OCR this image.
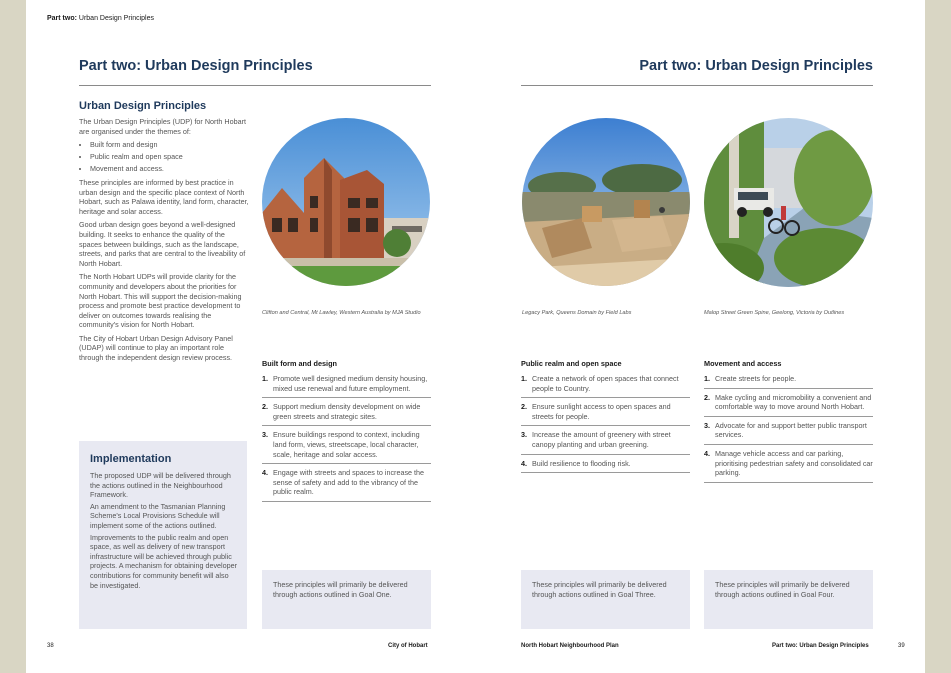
Part two: Urban Design Principles
Part two: Urban Design Principles
Urban Design Principles

The Urban Design Principles (UDP) for North Hobart are organised under the themes of:

• Built form and design
• Public realm and open space
• Movement and access.

These principles are informed by best practice in urban design and the specific place context of North Hobart, such as Palawa identity, land form, character, heritage and solar access.

Good urban design goes beyond a well-designed building. It seeks to enhance the quality of the spaces between buildings, such as the landscape, streets, and parks that are central to the liveability of North Hobart.

The North Hobart UDPs will provide clarity for the community and developers about the priorities for North Hobart. This will support the decision-making process and promote best practice development to deliver on outcomes towards realising the community's vision for North Hobart.

The City of Hobart Urban Design Advisory Panel (UDAP) will continue to play an important role through the independent design review process.

Implementation

The proposed UDP will be delivered through the actions outlined in the Neighbourhood Framework.

An amendment to the Tasmanian Planning Scheme's Local Provisions Schedule will implement some of the actions outlined.

Improvements to the public realm and open space, as well as delivery of new transport infrastructure will be achieved through public projects. A mechanism for obtaining developer contributions for community benefit will also be investigated.

Clifton and Central, Mt Lawley, Western Australia by MJA Studio
Built form and design
1. Promote well designed medium density housing, mixed use renewal and future employment.
2. Support medium density development on wide green streets and strategic sites.
3. Ensure buildings respond to context, including land form, views, streetscape, local character, scale, heritage and solar access.
4. Engage with streets and spaces to increase the sense of safety and add to the vibrancy of the public realm.
These principles will primarily be delivered through actions outlined in Goal One.
38	City of Hobart
Part two: Urban Design Principles
Legacy Park, Queens Domain by Field Labs	Malop Street Green Spine, Geelong, Victoria by Outlines
Public realm and open space
1. Create a network of open spaces that connect people to Country.
2. Ensure sunlight access to open spaces and streets for people.
3. Increase the amount of greenery with street canopy planting and urban greening.
4. Build resilience to flooding risk.
These principles will primarily be delivered through actions outlined in Goal Three.
Movement and access
1. Create streets for people.
2. Make cycling and micromobility a convenient and comfortable way to move around North Hobart.
3. Advocate for and support better public transport services.
4. Manage vehicle access and car parking, prioritising pedestrian safety and consolidated car parking.
These principles will primarily be delivered through actions outlined in Goal Four.
North Hobart Neighbourhood Plan	Part two: Urban Design Principles	39
